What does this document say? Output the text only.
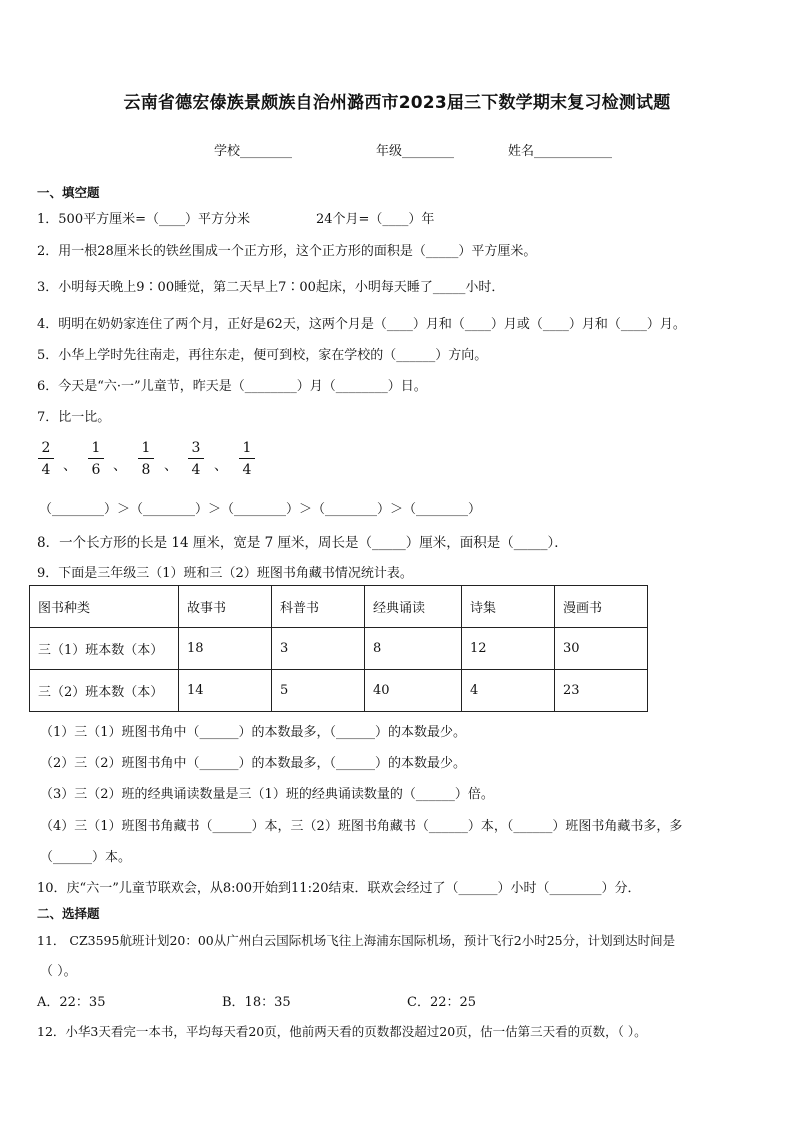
云南省德宏傣族景颇族自治州潞西市2023届三下数学期末复习检测试题
学校________	年级________	姓名____________
一、填空题
1．500平方厘米=（____）平方分米	24个月=（____）年
2．用一根28厘米长的铁丝围成一个正方形，这个正方形的面积是（_____）平方厘米。
3．小明每天晚上9∶00睡觉，第二天早上7∶00起床，小明每天睡了_____小时．
4．明明在奶奶家连住了两个月，正好是62天，这两个月是（____）月和（____）月或（____）月和（____）月。
5．小华上学时先往南走，再往东走，便可到校，家在学校的（______）方向。
6．今天是“六·一”儿童节，昨天是（________）月（________）日。
7．比一比。
2
4 、
1
6 、
1
8 、
3
4 、
1
4
（________）＞（________）＞（________）＞（________）＞（________）
8．一个长方形的长是 14 厘米，宽是 7 厘米，周长是（_____）厘米，面积是（_____）．
9．下面是三年级三（1）班和三（2）班图书角藏书情况统计表。
图书种类	故事书	科普书	经典诵读	诗集	漫画书
三（1）班本数（本）	18	3	8	12	30
三（2）班本数（本）	14	5	40	4	23
（1）三（1）班图书角中（______）的本数最多，（______）的本数最少。
（2）三（2）班图书角中（______）的本数最多，（______）的本数最少。
（3）三（2）班的经典诵读数量是三（1）班的经典诵读数量的（______）倍。
（4）三（1）班图书角藏书（______）本，三（2）班图书角藏书（______）本，（______）班图书角藏书多，多
（______）本。
10．庆“六一”儿童节联欢会，从8:00开始到11:20结束．联欢会经过了（______）小时（________）分．
二、选择题
11． CZ3595航班计划20：00从广州白云国际机场飞往上海浦东国际机场，预计飞行2小时25分，计划到达时间是
（ ）。
A．22：35	B．18：35	C．22：25
12．小华3天看完一本书，平均每天看20页，他前两天看的页数都没超过20页，估一估第三天看的页数，（ ）。
